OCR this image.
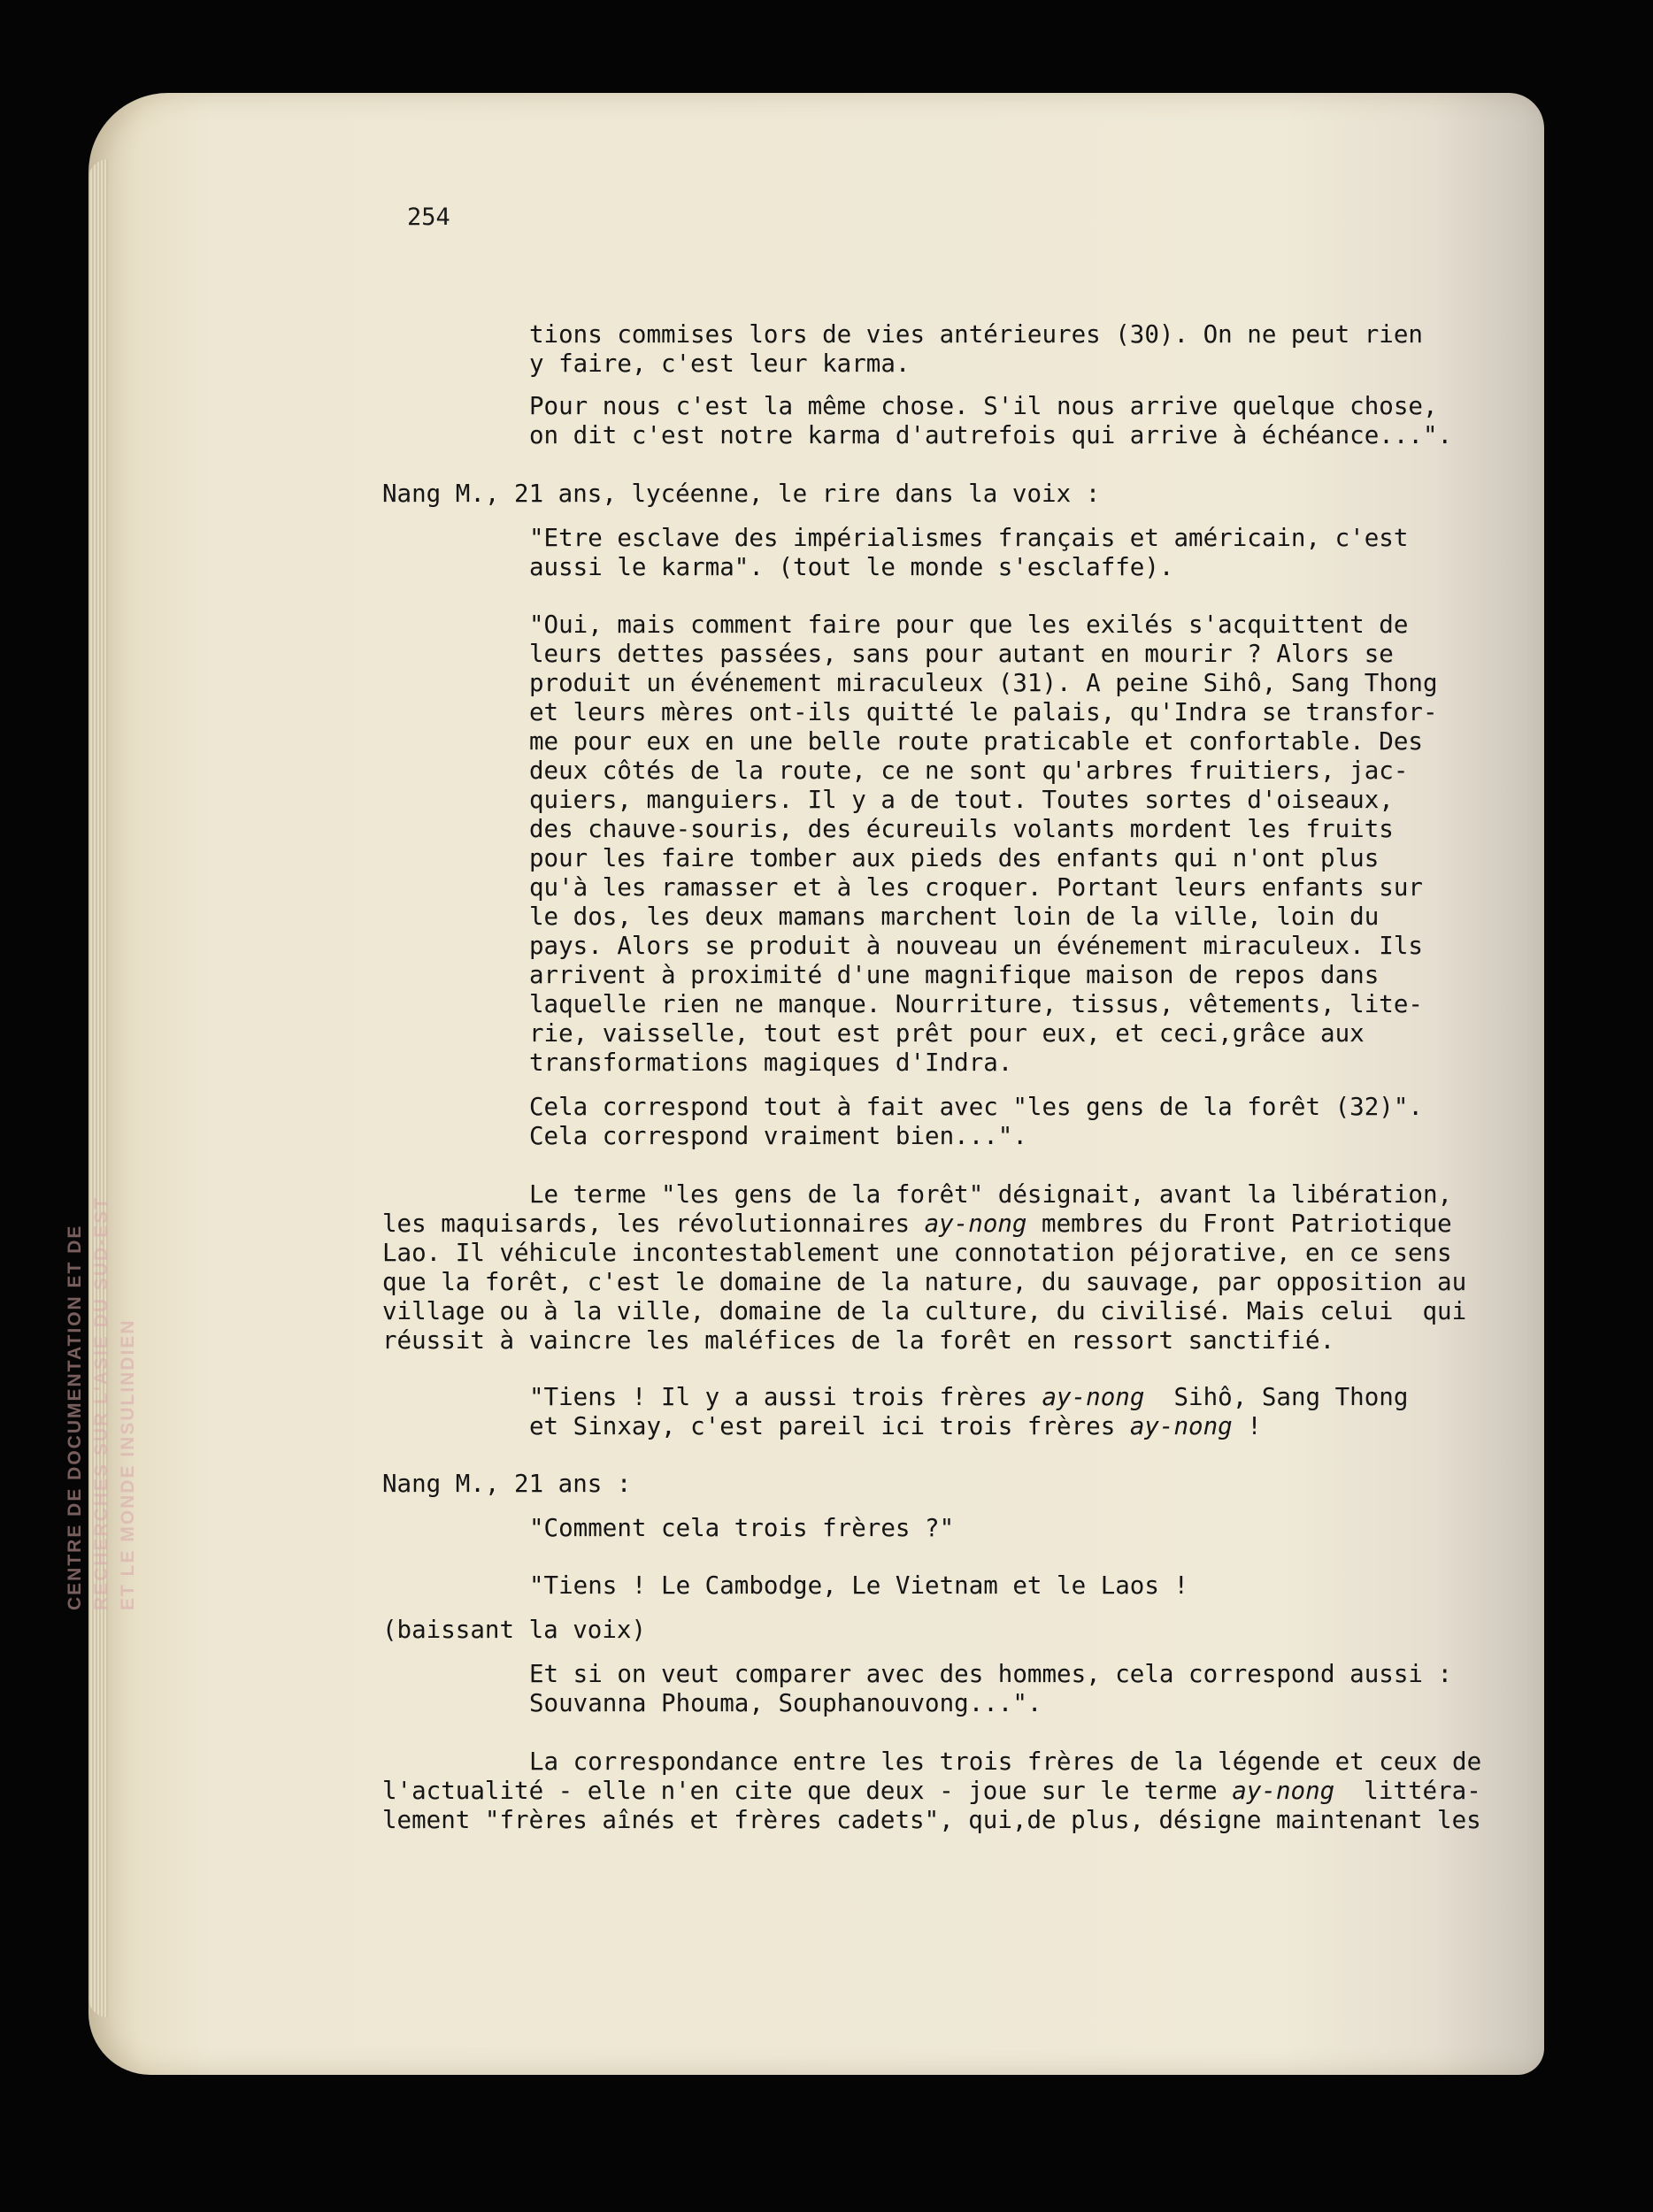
CENTRE DE DOCUMENTATION ET DE RECHERCHES SUR L'ASIE DU SUD-EST ET LE MONDE INSULINDIEN
254
tions commises lors de vies antérieures (30). On ne peut rien
y faire, c'est leur karma.
Pour nous c'est la même chose. S'il nous arrive quelque chose,
on dit c'est notre karma d'autrefois qui arrive à échéance...".
Nang M., 21 ans, lycéenne, le rire dans la voix :
"Etre esclave des impérialismes français et américain, c'est
aussi le karma". (tout le monde s'esclaffe).
"Oui, mais comment faire pour que les exilés s'acquittent de
leurs dettes passées, sans pour autant en mourir ? Alors se
produit un événement miraculeux (31). A peine Sihô, Sang Thong
et leurs mères ont-ils quitté le palais, qu'Indra se transfor-
me pour eux en une belle route praticable et confortable. Des
deux côtés de la route, ce ne sont qu'arbres fruitiers, jac-
quiers, manguiers. Il y a de tout. Toutes sortes d'oiseaux,
des chauve-souris, des écureuils volants mordent les fruits
pour les faire tomber aux pieds des enfants qui n'ont plus
qu'à les ramasser et à les croquer. Portant leurs enfants sur
le dos, les deux mamans marchent loin de la ville, loin du
pays. Alors se produit à nouveau un événement miraculeux. Ils
arrivent à proximité d'une magnifique maison de repos dans
laquelle rien ne manque. Nourriture, tissus, vêtements, lite-
rie, vaisselle, tout est prêt pour eux, et ceci,grâce aux
transformations magiques d'Indra.
Cela correspond tout à fait avec "les gens de la forêt (32)".
Cela correspond vraiment bien...".
Le terme "les gens de la forêt" désignait, avant la libération,
les maquisards, les révolutionnaires ay-nong membres du Front Patriotique
Lao. Il véhicule incontestablement une connotation péjorative, en ce sens
que la forêt, c'est le domaine de la nature, du sauvage, par opposition au
village ou à la ville, domaine de la culture, du civilisé. Mais celui  qui
réussit à vaincre les maléfices de la forêt en ressort sanctifié.
"Tiens ! Il y a aussi trois frères ay-nong  Sihô, Sang Thong
et Sinxay, c'est pareil ici trois frères ay-nong !
Nang M., 21 ans :
"Comment cela trois frères ?"
"Tiens ! Le Cambodge, Le Vietnam et le Laos !
(baissant la voix)
Et si on veut comparer avec des hommes, cela correspond aussi :
Souvanna Phouma, Souphanouvong...".
La correspondance entre les trois frères de la légende et ceux de
l'actualité - elle n'en cite que deux - joue sur le terme ay-nong  littéra-
lement "frères aînés et frères cadets", qui,de plus, désigne maintenant les
